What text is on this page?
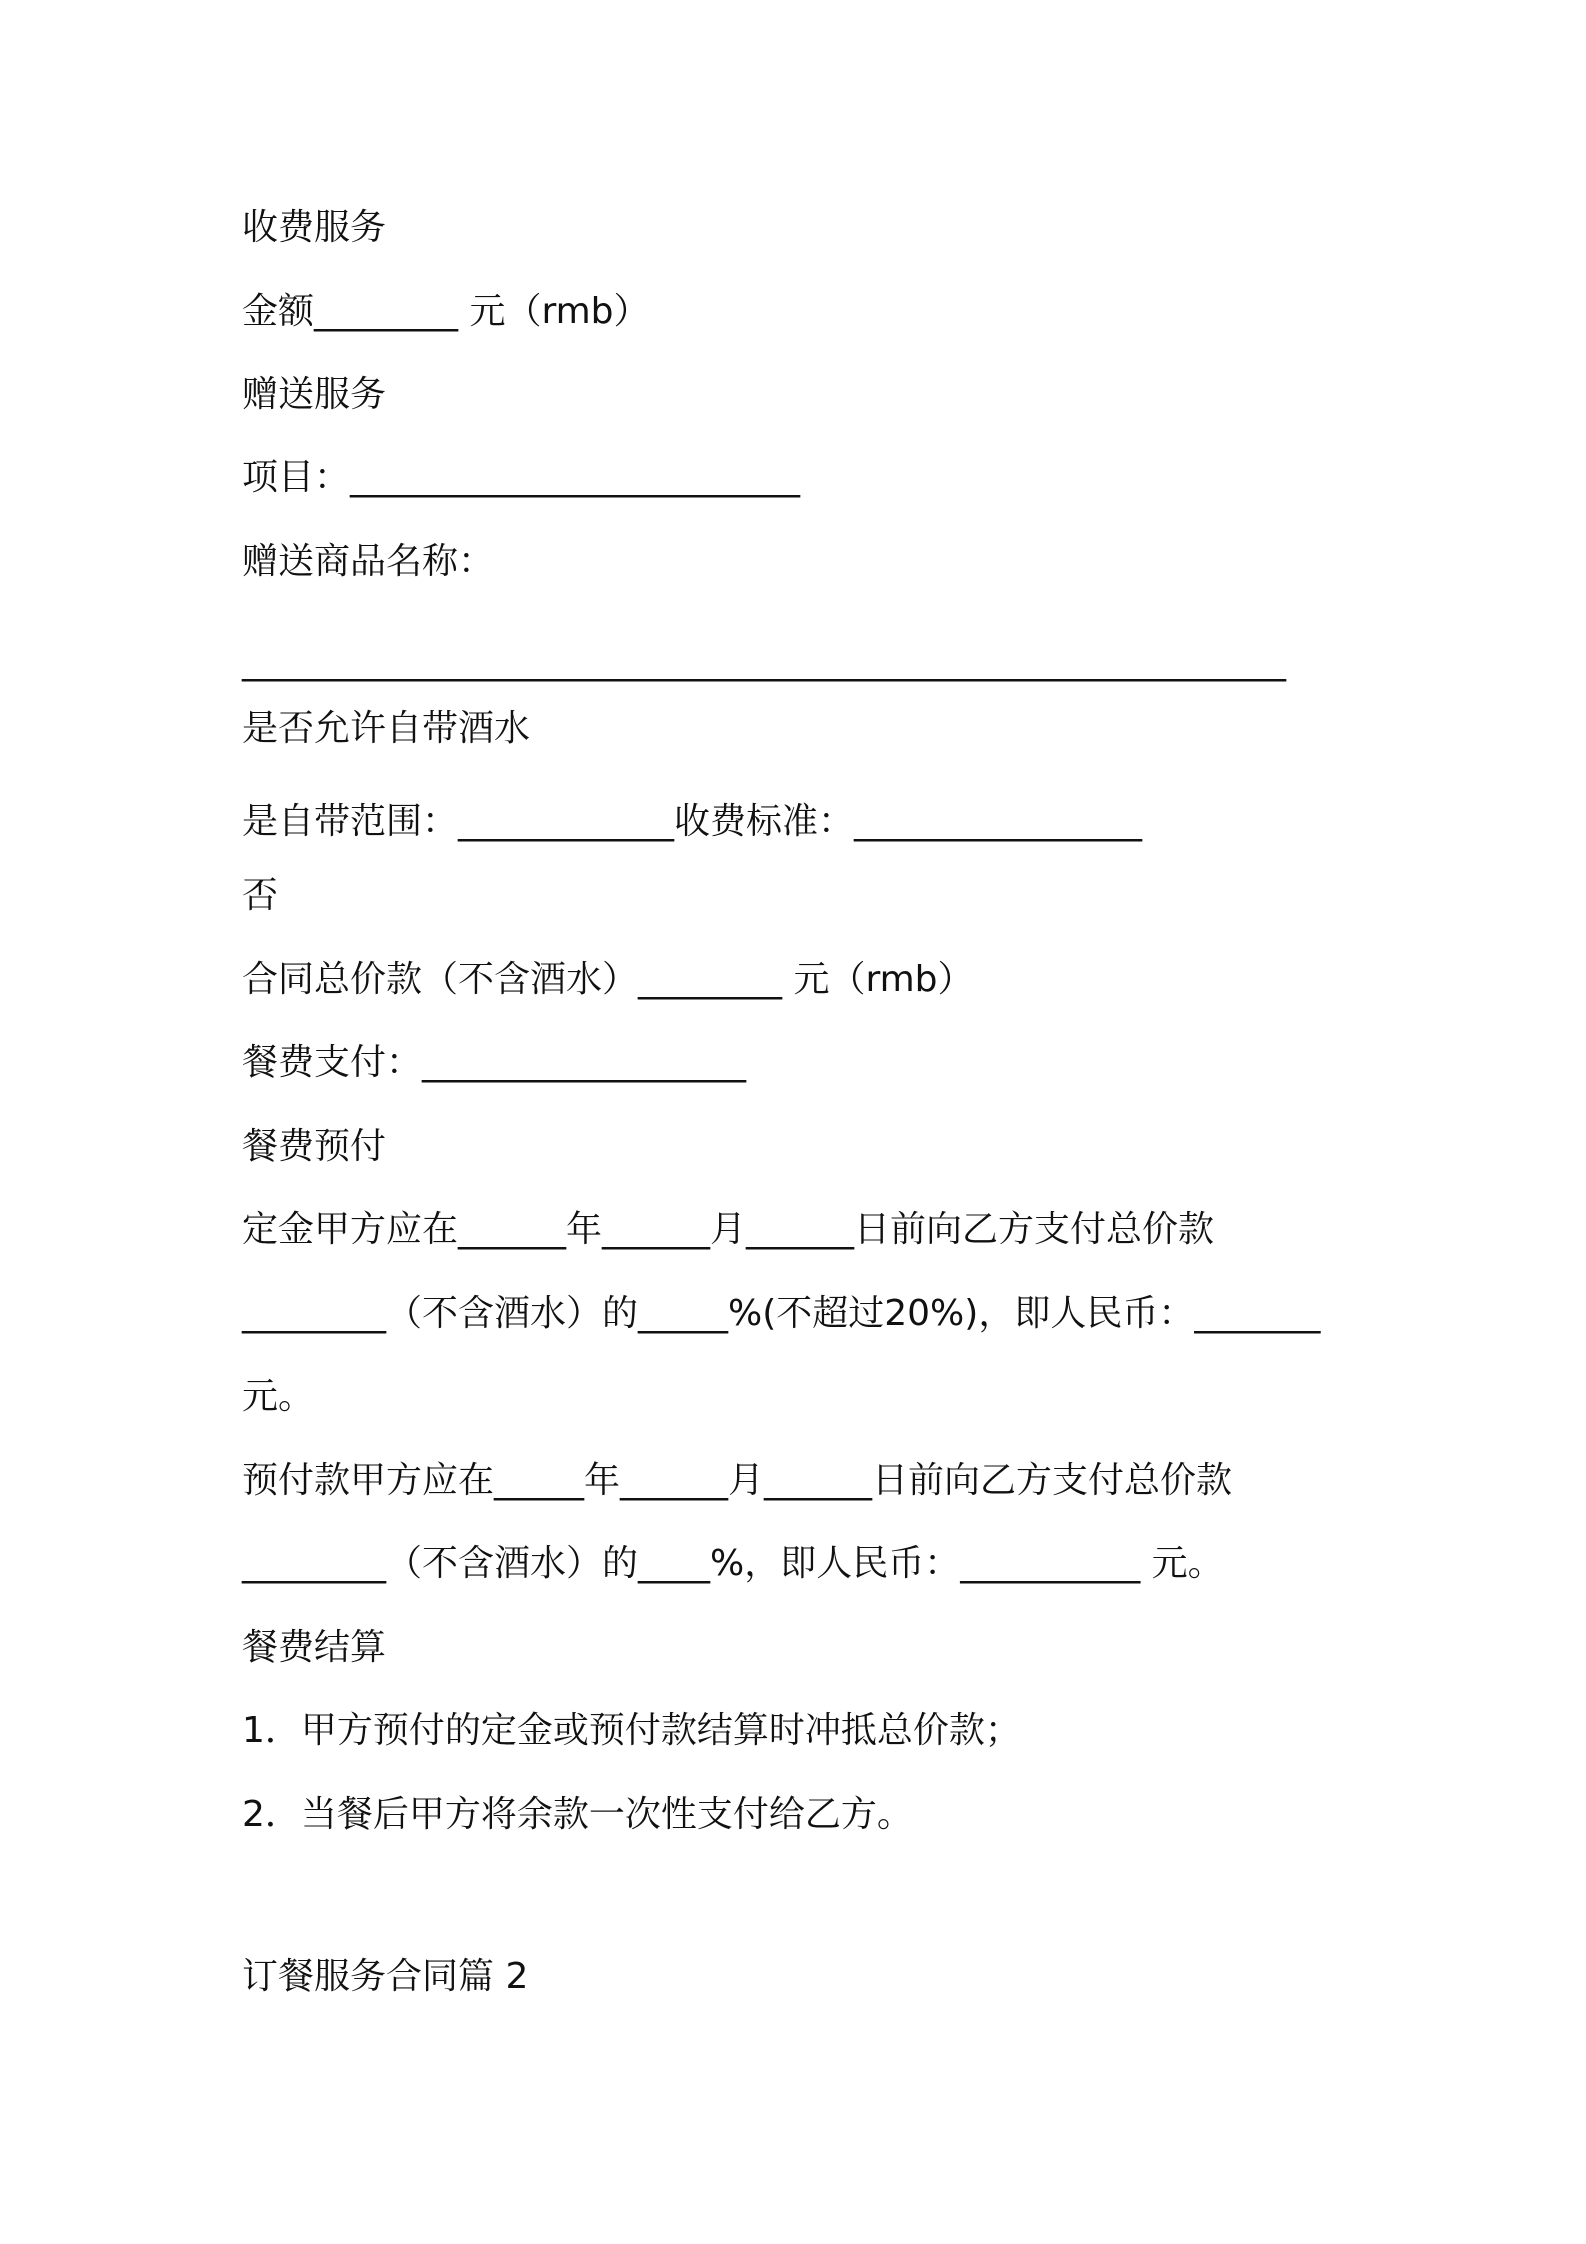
收费服务
金额________ 元（rmb）
赠送服务
项目：_________________________
赠送商品名称：
__________________________________________________________
是否允许自带酒水
是自带范围：____________收费标准：________________
否
合同总价款（不含酒水）________ 元（rmb）
餐费支付：__________________
餐费预付
定金甲方应在______年______月______日前向乙方支付总价款
________（不含酒水）的_____%(不超过20%)，即人民币：_______
元。
预付款甲方应在_____年______月______日前向乙方支付总价款
________（不含酒水）的____%，即人民币：__________ 元。
餐费结算
1．甲方预付的定金或预付款结算时冲抵总价款；
2．当餐后甲方将余款一次性支付给乙方。
订餐服务合同篇 2
